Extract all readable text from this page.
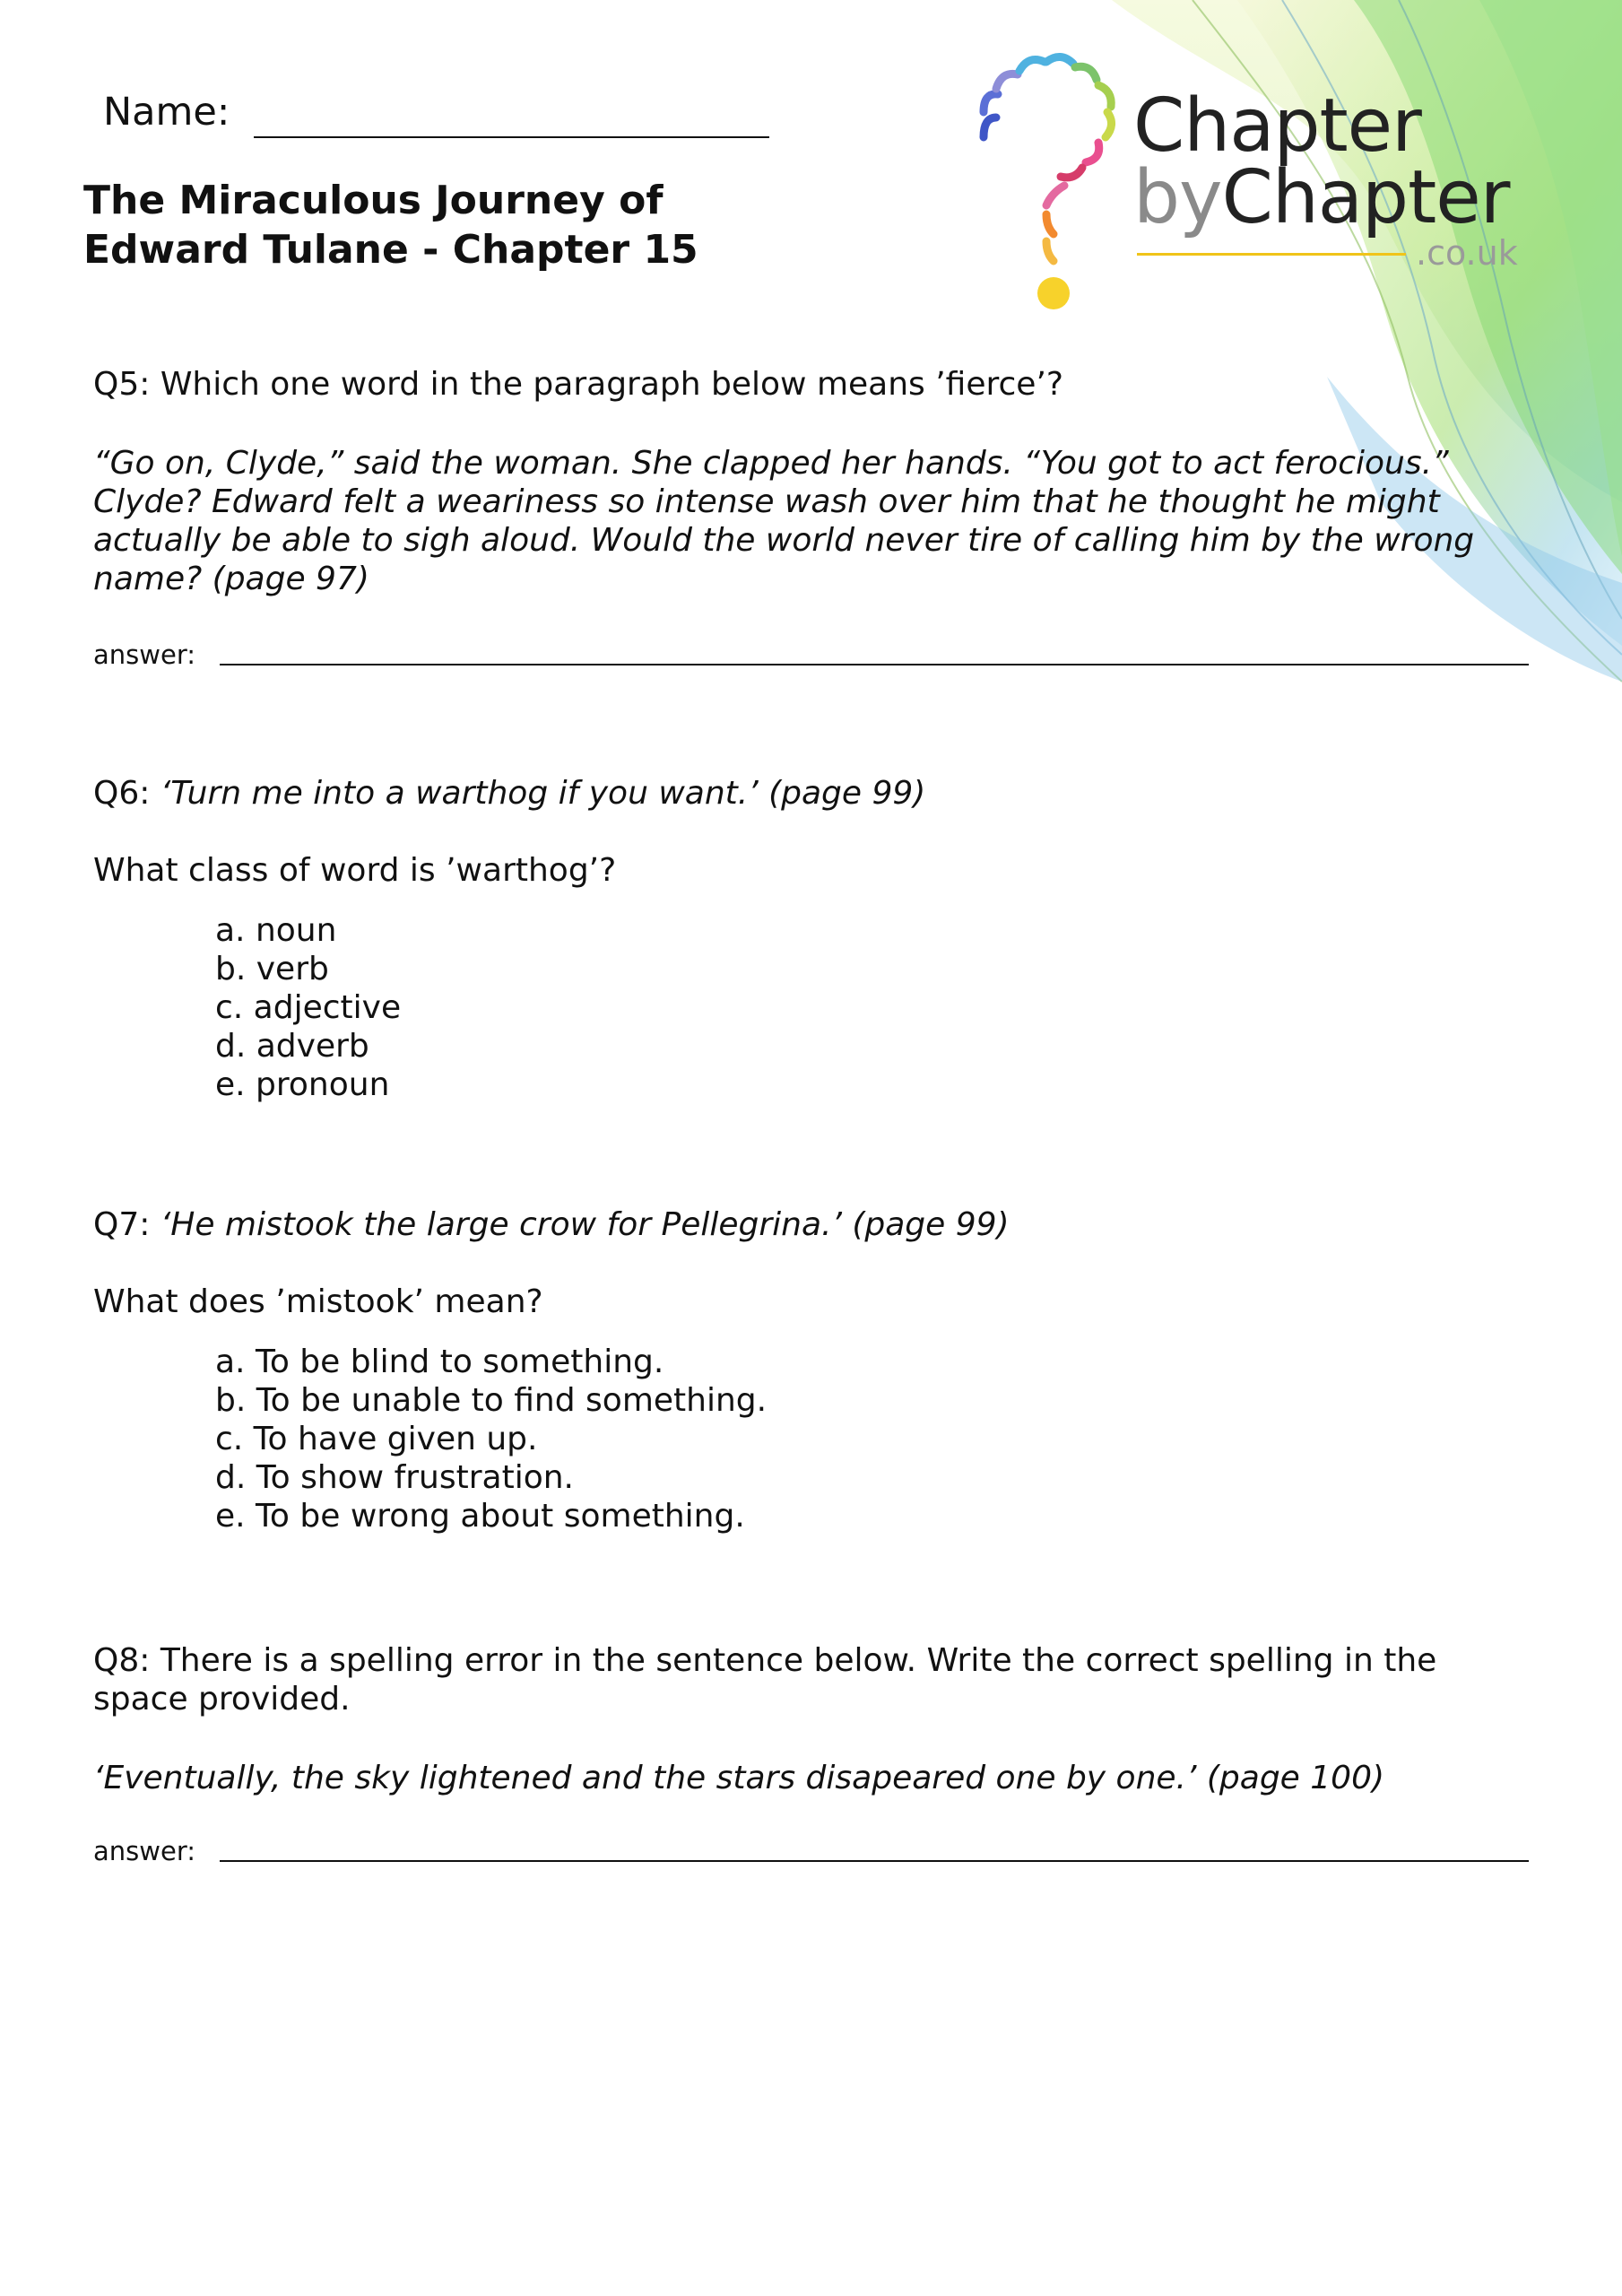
Name:
The Miraculous Journey of
Edward Tulane - Chapter 15
Chapter
byChapter
.co.uk

Q5: Which one word in the paragraph below means ’fierce’?

“Go on, Clyde,” said the woman. She clapped her hands. “You got to act ferocious.”
Clyde? Edward felt a weariness so intense wash over him that he thought he might
actually be able to sigh aloud. Would the world never tire of calling him by the wrong
name? (page 97)
answer:

Q6: ‘Turn me into a warthog if you want.’ (page 99)

What class of word is ’warthog’?

a. noun
b. verb
c. adjective
d. adverb
e. pronoun

Q7: ‘He mistook the large crow for Pellegrina.’ (page 99)

What does ’mistook’ mean?

a. To be blind to something.
b. To be unable to find something.
c. To have given up.
d. To show frustration.
e. To be wrong about something.
Q8: There is a spelling error in the sentence below. Write the correct spelling in the
space provided.

‘Eventually, the sky lightened and the stars disapeared one by one.’ (page 100)

answer:
